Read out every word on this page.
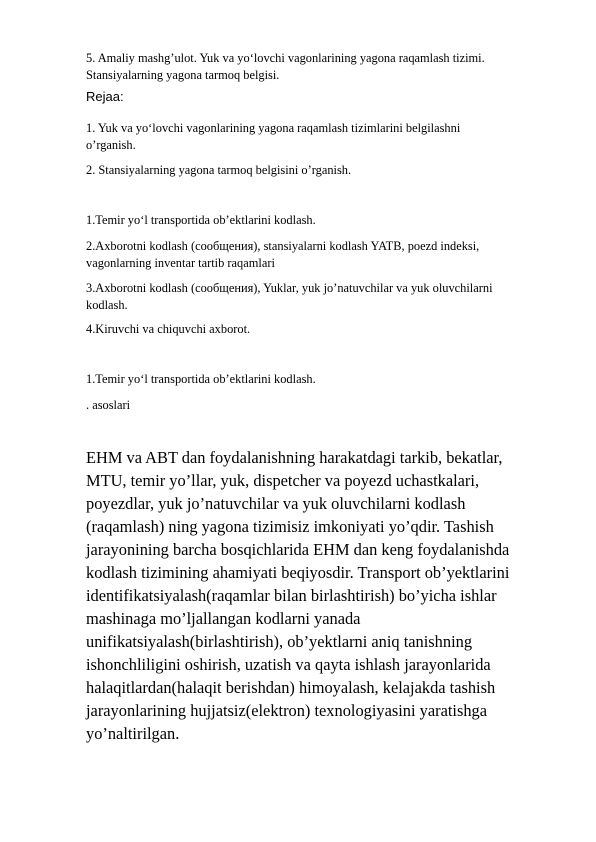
5. Amaliy mashg’ulot. Yuk va yo‘lovchi vagonlarining yagona raqamlash tizimi.
Stansiyalarning yagona tarmoq belgisi.
Rejaa:
1. Yuk va yo‘lovchi vagonlarining yagona raqamlash tizimlarini belgilashni
o’rganish.
2. Stansiyalarning yagona tarmoq belgisini o’rganish.
1.Temir yo‘l transportida ob’ektlarini kodlash.
2.Axborotni kodlash (сообщения), stansiyalarni kodlash YATB, poezd indeksi,
vagonlarning inventar tartib raqamlari
3.Axborotni kodlash (сообщения), Yuklar, yuk jo’natuvchilar va yuk oluvchilarni
kodlash.
4.Kiruvchi va chiquvchi axborot.
1.Temir yo‘l transportida ob’ektlarini kodlash.
. asoslari
EHM va ABT dan foydalanishning harakatdagi tarkib, bekatlar,
MTU, temir yo’llar, yuk, dispetcher va poyezd uchastkalari,
poyezdlar, yuk jo’natuvchilar va yuk oluvchilarni kodlash
(raqamlash) ning yagona tizimisiz imkoniyati yo’qdir. Tashish
jarayonining barcha bosqichlarida EHM dan keng foydalanishda
kodlash tizimining ahamiyati beqiyosdir. Transport ob’yektlarini
identifikatsiyalash(raqamlar bilan birlashtirish) bo’yicha ishlar
mashinaga mo’ljallangan kodlarni yanada
unifikatsiyalash(birlashtirish), ob’yektlarni aniq tanishning
ishonchliligini oshirish, uzatish va qayta ishlash jarayonlarida
halaqitlardan(halaqit berishdan) himoyalash, kelajakda tashish
jarayonlarining hujjatsiz(elektron) texnologiyasini yaratishga
yo’naltirilgan.
